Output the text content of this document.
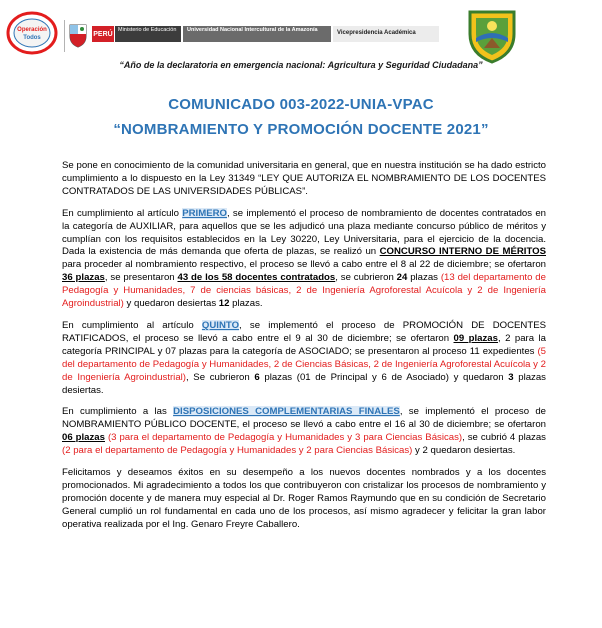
Operación
Todos
PERÚ
Ministerio de Educación	Universidad Nacional Intercultural de la Amazonía	Vicepresidencia Académica
“Año de la declaratoria en emergencia nacional: Agricultura y Seguridad Ciudadana”
COMUNICADO 003-2022-UNIA-VPAC
“NOMBRAMIENTO Y PROMOCIÓN DOCENTE 2021”

Se pone en conocimiento de la comunidad universitaria en general, que en nuestra institución se ha dado estricto cumplimiento a lo dispuesto en la Ley 31349 “LEY QUE AUTORIZA EL NOMBRAMIENTO DE LOS DOCENTES CONTRATADOS DE LAS UNIVERSIDADES PÚBLICAS”.

En cumplimiento al artículo PRIMERO, se implementó el proceso de nombramiento de docentes contratados en la categoría de AUXILIAR, para aquellos que se les adjudicó una plaza mediante concurso público de méritos y cumplían con los requisitos establecidos en la Ley 30220, Ley Universitaria, para el ejercicio de la docencia. Dada la existencia de más demanda que oferta de plazas, se realizó un CONCURSO INTERNO DE MÉRITOS para proceder al nombramiento respectivo, el proceso se llevó a cabo entre el 8 al 22 de diciembre; se ofertaron 36 plazas, se presentaron 43 de los 58 docentes contratados, se cubrieron 24 plazas (13 del departamento de Pedagogía y Humanidades, 7 de ciencias básicas, 2 de Ingeniería Agroforestal Acuícola y 2 de Ingeniería Agroindustrial) y quedaron desiertas 12 plazas.

En cumplimiento al artículo QUINTO, se implementó el proceso de PROMOCIÓN DE DOCENTES RATIFICADOS, el proceso se llevó a cabo entre el 9 al 30 de diciembre; se ofertaron 09 plazas, 2 para la categoría PRINCIPAL y 07 plazas para la categoría de ASOCIADO; se presentaron al proceso 11 expedientes (5 del departamento de Pedagogía y Humanidades, 2 de Ciencias Básicas, 2 de Ingeniería Agroforestal Acuícola y 2 de Ingeniería Agroindustrial), Se cubrieron 6 plazas (01 de Principal y 6 de Asociado) y quedaron 3 plazas desiertas.

En cumplimiento a las DISPOSICIONES COMPLEMENTARIAS FINALES, se implementó el proceso de NOMBRAMIENTO PÚBLICO DOCENTE, el proceso se llevó a cabo entre el 16 al 30 de diciembre; se ofertaron 06 plazas (3 para el departamento de Pedagogía y Humanidades y 3 para Ciencias Básicas), se cubrió 4 plazas (2 para el departamento de Pedagogía y Humanidades y 2 para Ciencias Básicas) y 2 quedaron desiertas.

Felicitamos y deseamos éxitos en su desempeño a los nuevos docentes nombrados y a los docentes promocionados. Mi agradecimiento a todos los que contribuyeron con cristalizar los procesos de nombramiento y promoción docente y de manera muy especial al Dr. Roger Ramos Raymundo que en su condición de Secretario General cumplió un rol fundamental en cada uno de los procesos, así mismo agradecer y felicitar la gran labor operativa realizada por el Ing. Genaro Freyre Caballero.
